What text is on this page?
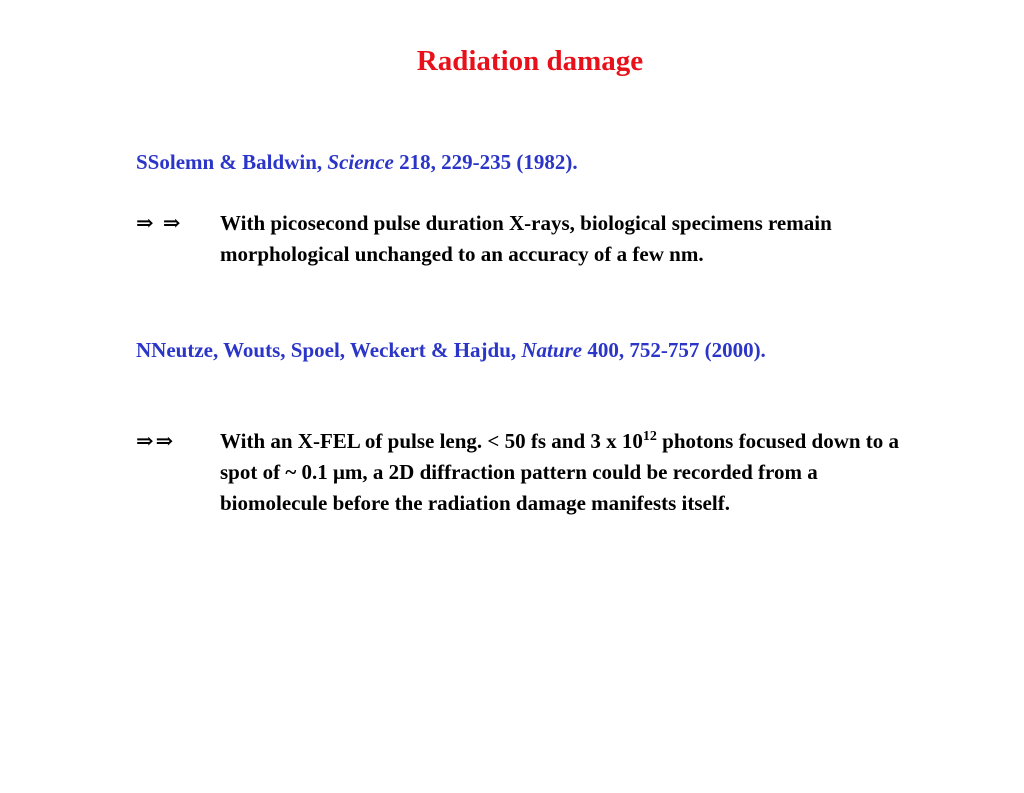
Radiation damage
SSolemn & Baldwin, Science 218, 229-235 (1982).
⇒ ⇒ With picosecond pulse duration X-rays, biological specimens remain morphological unchanged to an accuracy of a few nm.
NNeutze, Wouts, Spoel, Weckert & Hajdu, Nature 400, 752-757 (2000).
⇒⇒ With an X-FEL of pulse leng. < 50 fs and 3 x $10^{12}$ photons focused down to a spot of ~ 0.1 μm, a 2D diffraction pattern could be recorded from a biomolecule before the radiation damage manifests itself.
